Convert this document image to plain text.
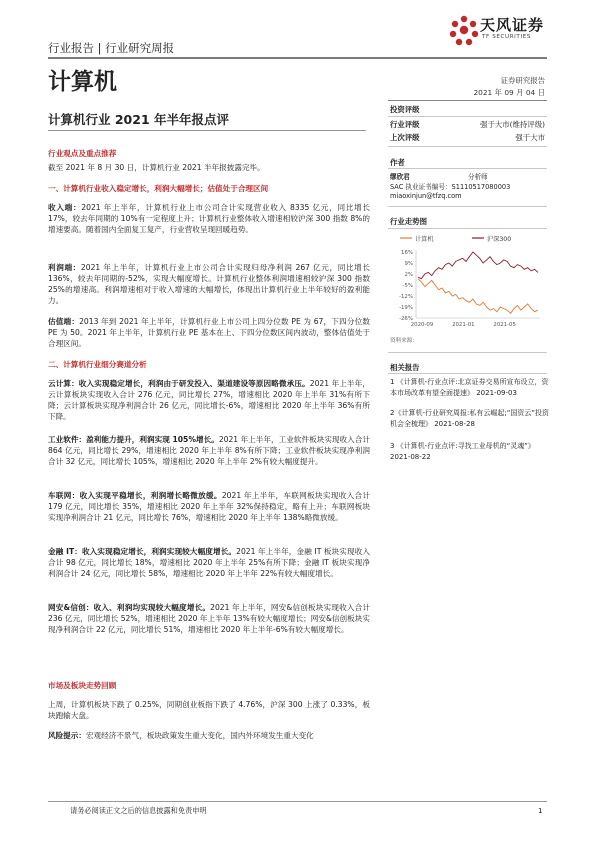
天风证券
TF SECURITIES
行业报告 | 行业研究周报
计算机	证券研究报告
2021 年 09 月 04 日
计算机行业 2021 年半年报点评
行业观点及重点推荐
截至 2021 年 8 月 30 日，计算机行业 2021 半年报披露完毕。
一、计算机行业收入稳定增长，利润大幅增长；估值处于合理区间
收入端：2021 年上半年，计算机行业上市公司合计实现营业收入 8335 亿元，同比增长 17%，较去年同期的 10%有一定程度上升；计算机行业整体收入增速相较沪深 300 指数 8%的增速要高。随着国内全面复工复产，行业营收呈现回暖趋势。
利润端：2021 年上半年，计算机行业上市公司合计实现归母净利润 267 亿元，同比增长 136%，较去年同期的-52%，实现大幅度增长。计算机行业整体利润增速相较沪深 300 指数 25%的增速高。利润增速相对于收入增速的大幅增长，体现出计算机行业上半年较好的盈利能力。
估值端：2013 年到 2021 年上半年，计算机行业上市公司上四分位数 PE 为 67，下四分位数 PE 为 50。2021 年上半年，计算机行业 PE 基本在上、下四分位数区间内波动，整体估值处于合理区间。
二、计算机行业细分赛道分析
云计算：收入实现稳定增长，利润由于研发投入、渠道建设等原因略微承压。2021 年上半年，云计算板块实现收入合计 276 亿元，同比增长 27%，增速相比 2020 年上半年 31%有所下降；云计算板块实现净利润合计 26 亿元，同比增长-6%，增速相比 2020 年上半年 36%有所下降。
工业软件：盈利能力提升，利润实现 105%增长。2021 年上半年，工业软件板块实现收入合计 864 亿元，同比增长 29%，增速相比 2020 年上半年 8%有所下降；工业软件板块实现净利润合计 32 亿元，同比增长 105%，增速相比 2020 年上半年 2%有较大幅度提升。
车联网：收入实现平稳增长，利润增长略微放缓。2021 年上半年，车联网板块实现收入合计 179 亿元，同比增长 35%，增速相比 2020 年上半年 32%保持稳定，略有上升；车联网板块实现净利润合计 21 亿元，同比增长 76%，增速相比 2020 年上半年 138%略微放缓。
金融 IT：收入实现稳定增长，利润实现较大幅度增长。2021 年上半年，金融 IT 板块实现收入合计 98 亿元，同比增长 18%，增速相比 2020 年上半年 25%有所下降；金融 IT 板块实现净利润合计 24 亿元，同比增长 58%，增速相比 2020 年上半年 22%有较大幅度增长。
网安&信创：收入、利润均实现较大幅度增长。2021 年上半年，网安&信创板块实现收入合计 236 亿元，同比增长 52%，增速相比 2020 年上半年 13%有较大幅度增长；网安&信创板块实现净利润合计 22 亿元，同比增长 51%，增速相比 2020 年上半年-6%有较大幅度增长。
市场及板块走势回顾
上周，计算机板块下跌了 0.25%，同期创业板指下跌了 4.76%，沪深 300 上涨了 0.33%，板块跑输大盘。
风险提示：宏观经济不景气，板块政策发生重大变化，国内外环境发生重大变化
投资评级
行业评级	强于大市(维持评级)
上次评级	强于大市
作者
缪欣君	分析师
SAC 执业证书编号：S1110517080003
miaoxinjun@tfzq.com
行业走势图
计算机	沪深300
16%
9%
2%
-5%
-12%
-19%
-26%
2020-09	2021-01	2021-05
资料来源：
相关报告
1 《计算机-行业点评:北京证券交易所宣布设立，资本市场改革有望全面提速》 2021-09-03
2《计算机-行业研究周报:私有云崛起;“国资云”投资机会全梳理》 2021-08-28
3 《计算机-行业点评:寻找工业母机的“灵魂”》 2021-08-22
请务必阅读正文之后的信息披露和免责申明	1
